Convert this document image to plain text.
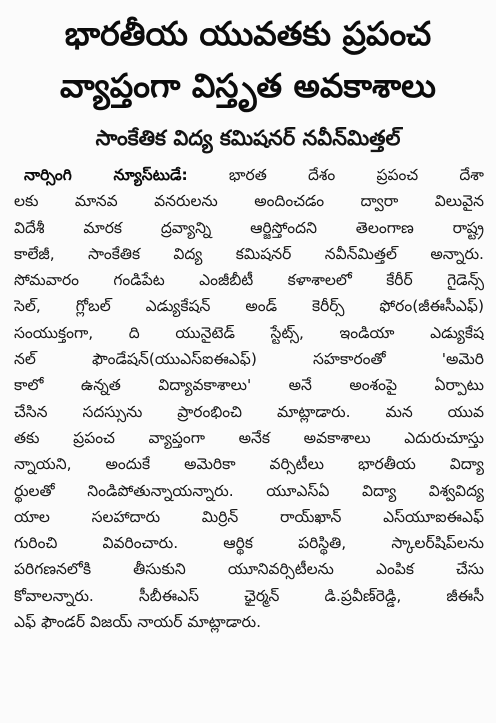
భారతీయ యువతకు ప్రపంచ
వ్యాప్తంగా విస్తృత అవకాశాలు
సాంకేతిక విద్య కమిషనర్ నవీన్‌మిత్తల్
నార్సింగి న్యూస్‌టుడే: భారత దేశం ప్రపంచ దేశా
లకు మానవ వనరులను అందించడం ద్వారా విలువైన
విదేశీ మారక ద్రవ్యాన్ని ఆర్జిస్తోందని తెలంగాణ రాష్ట్ర
కాలేజీ, సాంకేతిక విద్య కమిషనర్ నవీన్‌మిత్తల్ అన్నారు.
సోమవారం గండిపేట ఎంజీబీటీ కళాశాలలో కేరీర్ గైడెన్స్
సెల్, గ్లోబల్ ఎడ్యుకేషన్ అండ్ కెరీర్స్ ఫోరం(జీఈసీఎఫ్)
సంయుక్తంగా, ది యునైటెడ్ స్టేట్స్, ఇండియా ఎడ్యుకేష
నల్ ఫౌండేషన్(యుఎస్‌ఐఈఎఫ్) సహకారంతో 'అమెరి
కాలో ఉన్నత విద్యావకాశాలు' అనే అంశంపై ఏర్పాటు
చేసిన సదస్సును ప్రారంభించి మాట్లాడారు. మన యువ
తకు ప్రపంచ వ్యాప్తంగా అనేక అవకాశాలు ఎదురుచూస్తు
న్నాయని, అందుకే అమెరికా వర్సిటీలు భారతీయ విద్యా
ర్థులతో నిండిపోతున్నాయన్నారు. యూఎస్‌ఏ విద్యా విశ్వవిద్య
యాల సలహాదారు మిర్రిన్ రాయ్‌ఖాన్ ఎస్‌యూఐఈఎఫ్‌
గురించి వివరించారు. ఆర్థిక పరిస్థితి, స్కాలర్‌షిప్‌లను
పరిగణనలోకి తీసుకుని యూనివర్సిటీలను ఎంపిక చేసు
కోవాలన్నారు. సీబీఈఎస్ ఛైర్మన్ డి.ప్రవీణ్‌రెడ్డి, జీఈసీ
ఎఫ్ ఫౌండర్ విజయ్ నాయర్ మాట్లాడారు.
